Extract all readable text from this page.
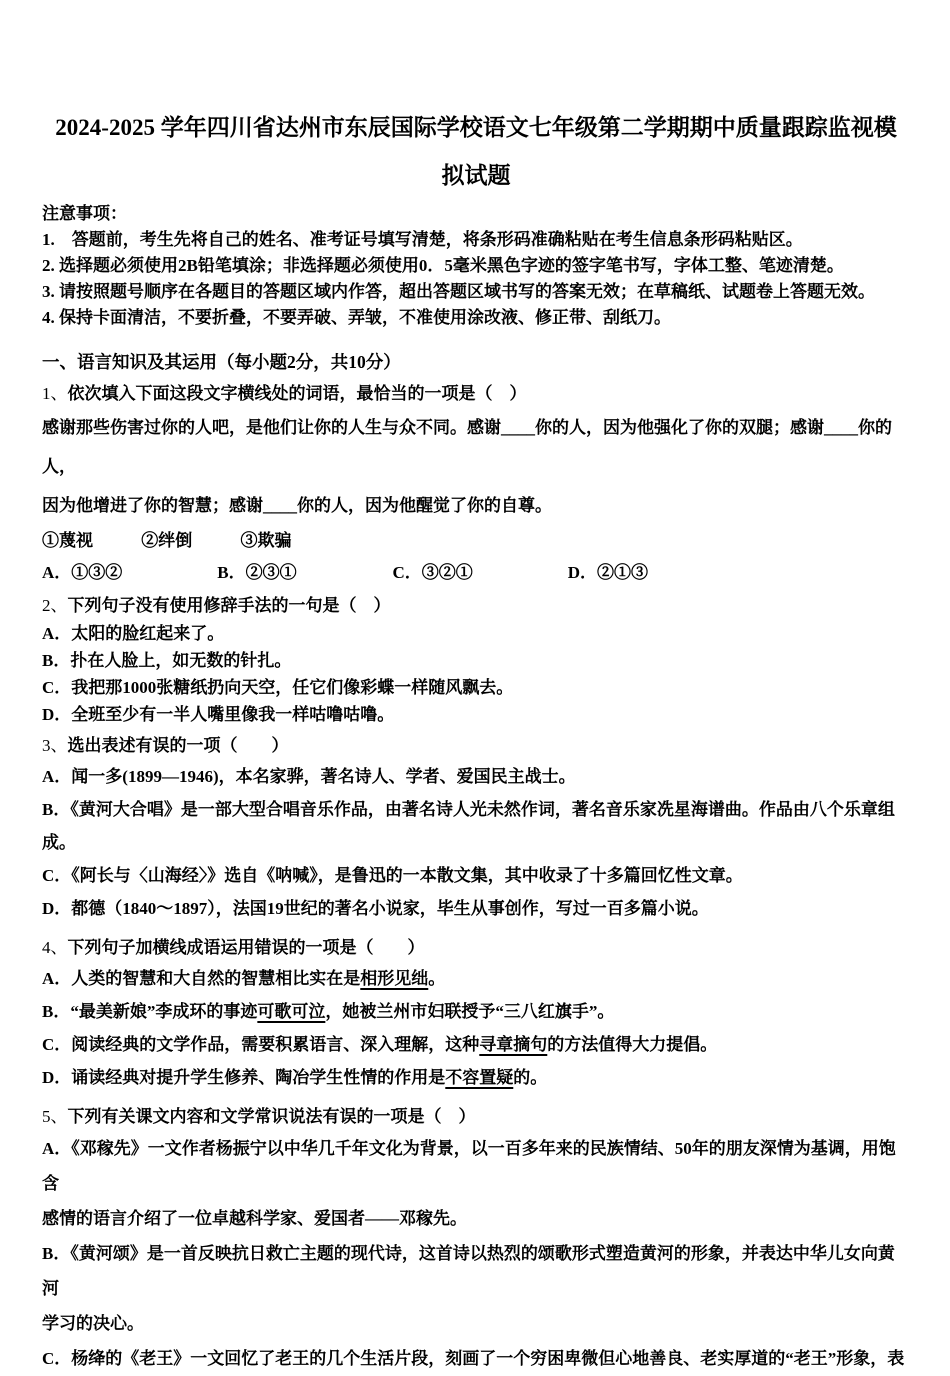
2024-2025 学年四川省达州市东辰国际学校语文七年级第二学期期中质量跟踪监视模
拟试题
注意事项：
1.　答题前，考生先将自己的姓名、准考证号填写清楚，将条形码准确粘贴在考生信息条形码粘贴区。
2. 选择题必须使用2B铅笔填涂；非选择题必须使用0．5毫米黑色字迹的签字笔书写，字体工整、笔迹清楚。
3. 请按照题号顺序在各题目的答题区域内作答，超出答题区域书写的答案无效；在草稿纸、试题卷上答题无效。
4. 保持卡面清洁，不要折叠，不要弄破、弄皱，不准使用涂改液、修正带、刮纸刀。
一、语言知识及其运用（每小题2分，共10分）
1、依次填入下面这段文字横线处的词语，最恰当的一项是（　）
感谢那些伤害过你的人吧，是他们让你的人生与众不同。感谢____你的人，因为他强化了你的双腿；感谢____你的人，
因为他增进了你的智慧；感谢____你的人，因为他醒觉了你的自尊。
①蔑视	②绊倒	③欺骗
A．①③②	B．②③①	C．③②①	D．②①③
2、下列句子没有使用修辞手法的一句是（　）
A．太阳的脸红起来了。
B．扑在人脸上，如无数的针扎。
C．我把那1000张糖纸扔向天空，任它们像彩蝶一样随风飘去。
D．全班至少有一半人嘴里像我一样咕噜咕噜。
3、选出表述有误的一项（　　）
A．闻一多(1899—1946)，本名家骅，著名诗人、学者、爱国民主战士。
B．《黄河大合唱》是一部大型合唱音乐作品，由著名诗人光未然作词，著名音乐家冼星海谱曲。作品由八个乐章组成。
C．《阿长与〈山海经〉》选自《呐喊》，是鲁迅的一本散文集，其中收录了十多篇回忆性文章。
D．都德（1840～1897），法国19世纪的著名小说家，毕生从事创作，写过一百多篇小说。
4、下列句子加横线成语运用错误的一项是（　　）
A．人类的智慧和大自然的智慧相比实在是相形见绌。
B．“最美新娘”李成环的事迹可歌可泣，她被兰州市妇联授予“三八红旗手”。
C．阅读经典的文学作品，需要积累语言、深入理解，这种寻章摘句的方法值得大力提倡。
D．诵读经典对提升学生修养、陶冶学生性情的作用是不容置疑的。
5、下列有关课文内容和文学常识说法有误的一项是（　）
A．《邓稼先》一文作者杨振宁以中华几千年文化为背景，以一百多年来的民族情结、50年的朋友深情为基调，用饱含
感情的语言介绍了一位卓越科学家、爱国者——邓稼先。
B．《黄河颂》是一首反映抗日救亡主题的现代诗，这首诗以热烈的颂歌形式塑造黄河的形象，并表达中华儿女向黄河
学习的决心。
C．杨绛的《老王》一文回忆了老王的几个生活片段，刻画了一个穷困卑微但心地善良、老实厚道的“老王”形象，表
